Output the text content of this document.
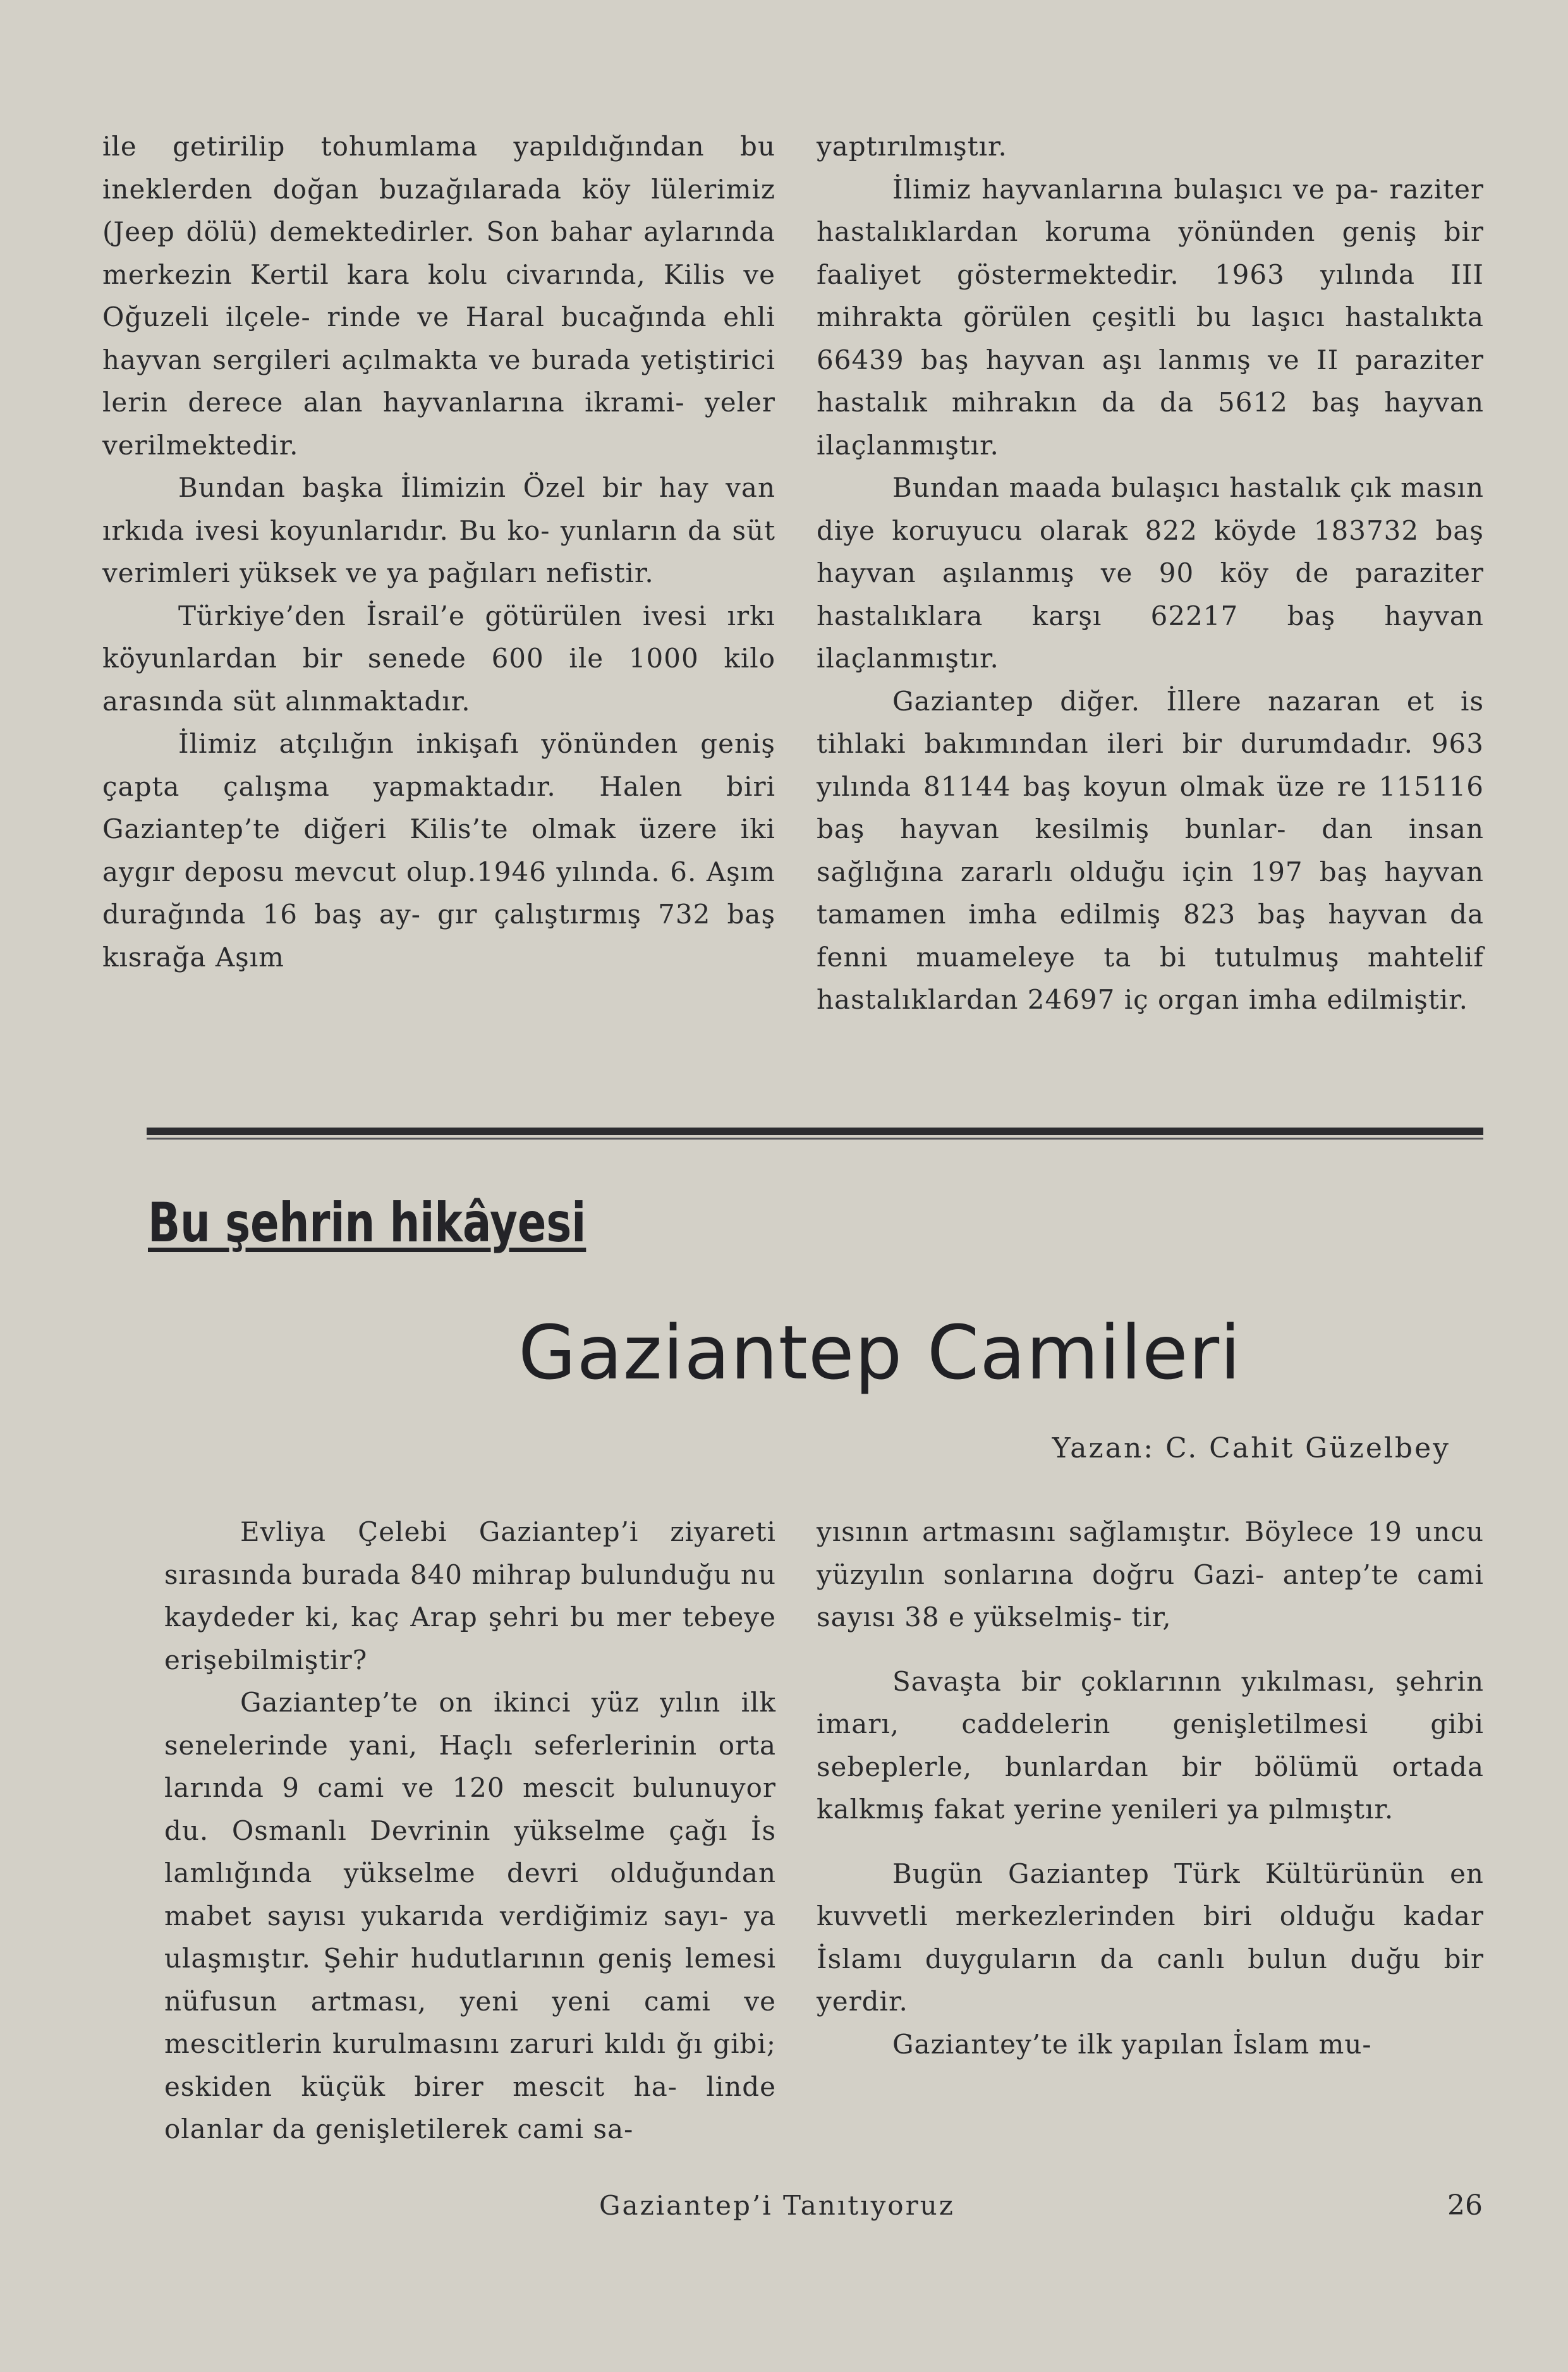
ile getirilip tohumlama yapıldığından bu ineklerden doğan buzağılarada köy lülerimiz (Jeep dölü) demektedirler. Son bahar aylarında merkezin Kertil kara kolu civarında, Kilis ve Oğuzeli ilçele- rinde ve Haral bucağında ehli hayvan sergileri açılmakta ve burada yetiştirici lerin derece alan hayvanlarına ikrami- yeler verilmektedir.

Bundan başka İlimizin Özel bir hay van ırkıda ivesi koyunlarıdır. Bu ko- yunların da süt verimleri yüksek ve ya pağıları nefistir.

Türkiye’den İsrail’e götürülen ivesi ırkı köyunlardan bir senede 600 ile 1000 kilo arasında süt alınmaktadır.

İlimiz atçılığın inkişafı yönünden geniş çapta çalışma yapmaktadır. Halen biri Gaziantep’te diğeri Kilis’te olmak üzere iki aygır deposu mevcut olup.1946 yılında. 6. Aşım durağında 16 baş ay- gır çalıştırmış 732 baş kısrağa Aşım

yaptırılmıştır.

İlimiz hayvanlarına bulaşıcı ve pa- raziter hastalıklardan koruma yönünden geniş bir faaliyet göstermektedir. 1963 yılında III mihrakta görülen çeşitli bu laşıcı hastalıkta 66439 baş hayvan aşı lanmış ve II paraziter hastalık mihrakın da da 5612 baş hayvan ilaçlanmıştır.

Bundan maada bulaşıcı hastalık çık masın diye koruyucu olarak 822 köyde 183732 baş hayvan aşılanmış ve 90 köy de paraziter hastalıklara karşı 62217 baş hayvan ilaçlanmıştır.

Gaziantep diğer. İllere nazaran et is tihlaki bakımından ileri bir durumdadır. 963 yılında 81144 baş koyun olmak üze re 115116 baş hayvan kesilmiş bunlar- dan insan sağlığına zararlı olduğu için 197 baş hayvan tamamen imha edilmiş 823 baş hayvan da fenni muameleye ta bi tutulmuş mahtelif hastalıklardan 24697 iç organ imha edilmiştir.

Bu şehrin hikâyesi
Gaziantep Camileri
Yazan: C. Cahit Güzelbey

Evliya Çelebi Gaziantep’i ziyareti sırasında burada 840 mihrap bulunduğu nu kaydeder ki, kaç Arap şehri bu mer tebeye erişebilmiştir?

Gaziantep’te on ikinci yüz yılın ilk senelerinde yani, Haçlı seferlerinin orta larında 9 cami ve 120 mescit bulunuyor du. Osmanlı Devrinin yükselme çağı İs lamlığında yükselme devri olduğundan mabet sayısı yukarıda verdiğimiz sayı- ya ulaşmıştır. Şehir hudutlarının geniş lemesi nüfusun artması, yeni yeni cami ve mescitlerin kurulmasını zaruri kıldı ğı gibi; eskiden küçük birer mescit ha- linde olanlar da genişletilerek cami sa-

yısının artmasını sağlamıştır. Böylece 19 uncu yüzyılın sonlarına doğru Gazi- antep’te cami sayısı 38 e yükselmiş- tir,

Savaşta bir çoklarının yıkılması, şehrin imarı, caddelerin genişletilmesi gibi sebeplerle, bunlardan bir bölümü ortada kalkmış fakat yerine yenileri ya pılmıştır.

Bugün Gaziantep Türk Kültürünün en kuvvetli merkezlerinden biri olduğu kadar İslamı duyguların da canlı bulun duğu bir yerdir.

Gaziantey’te ilk yapılan İslam mu-

Gaziantep’i Tanıtıyoruz	26
